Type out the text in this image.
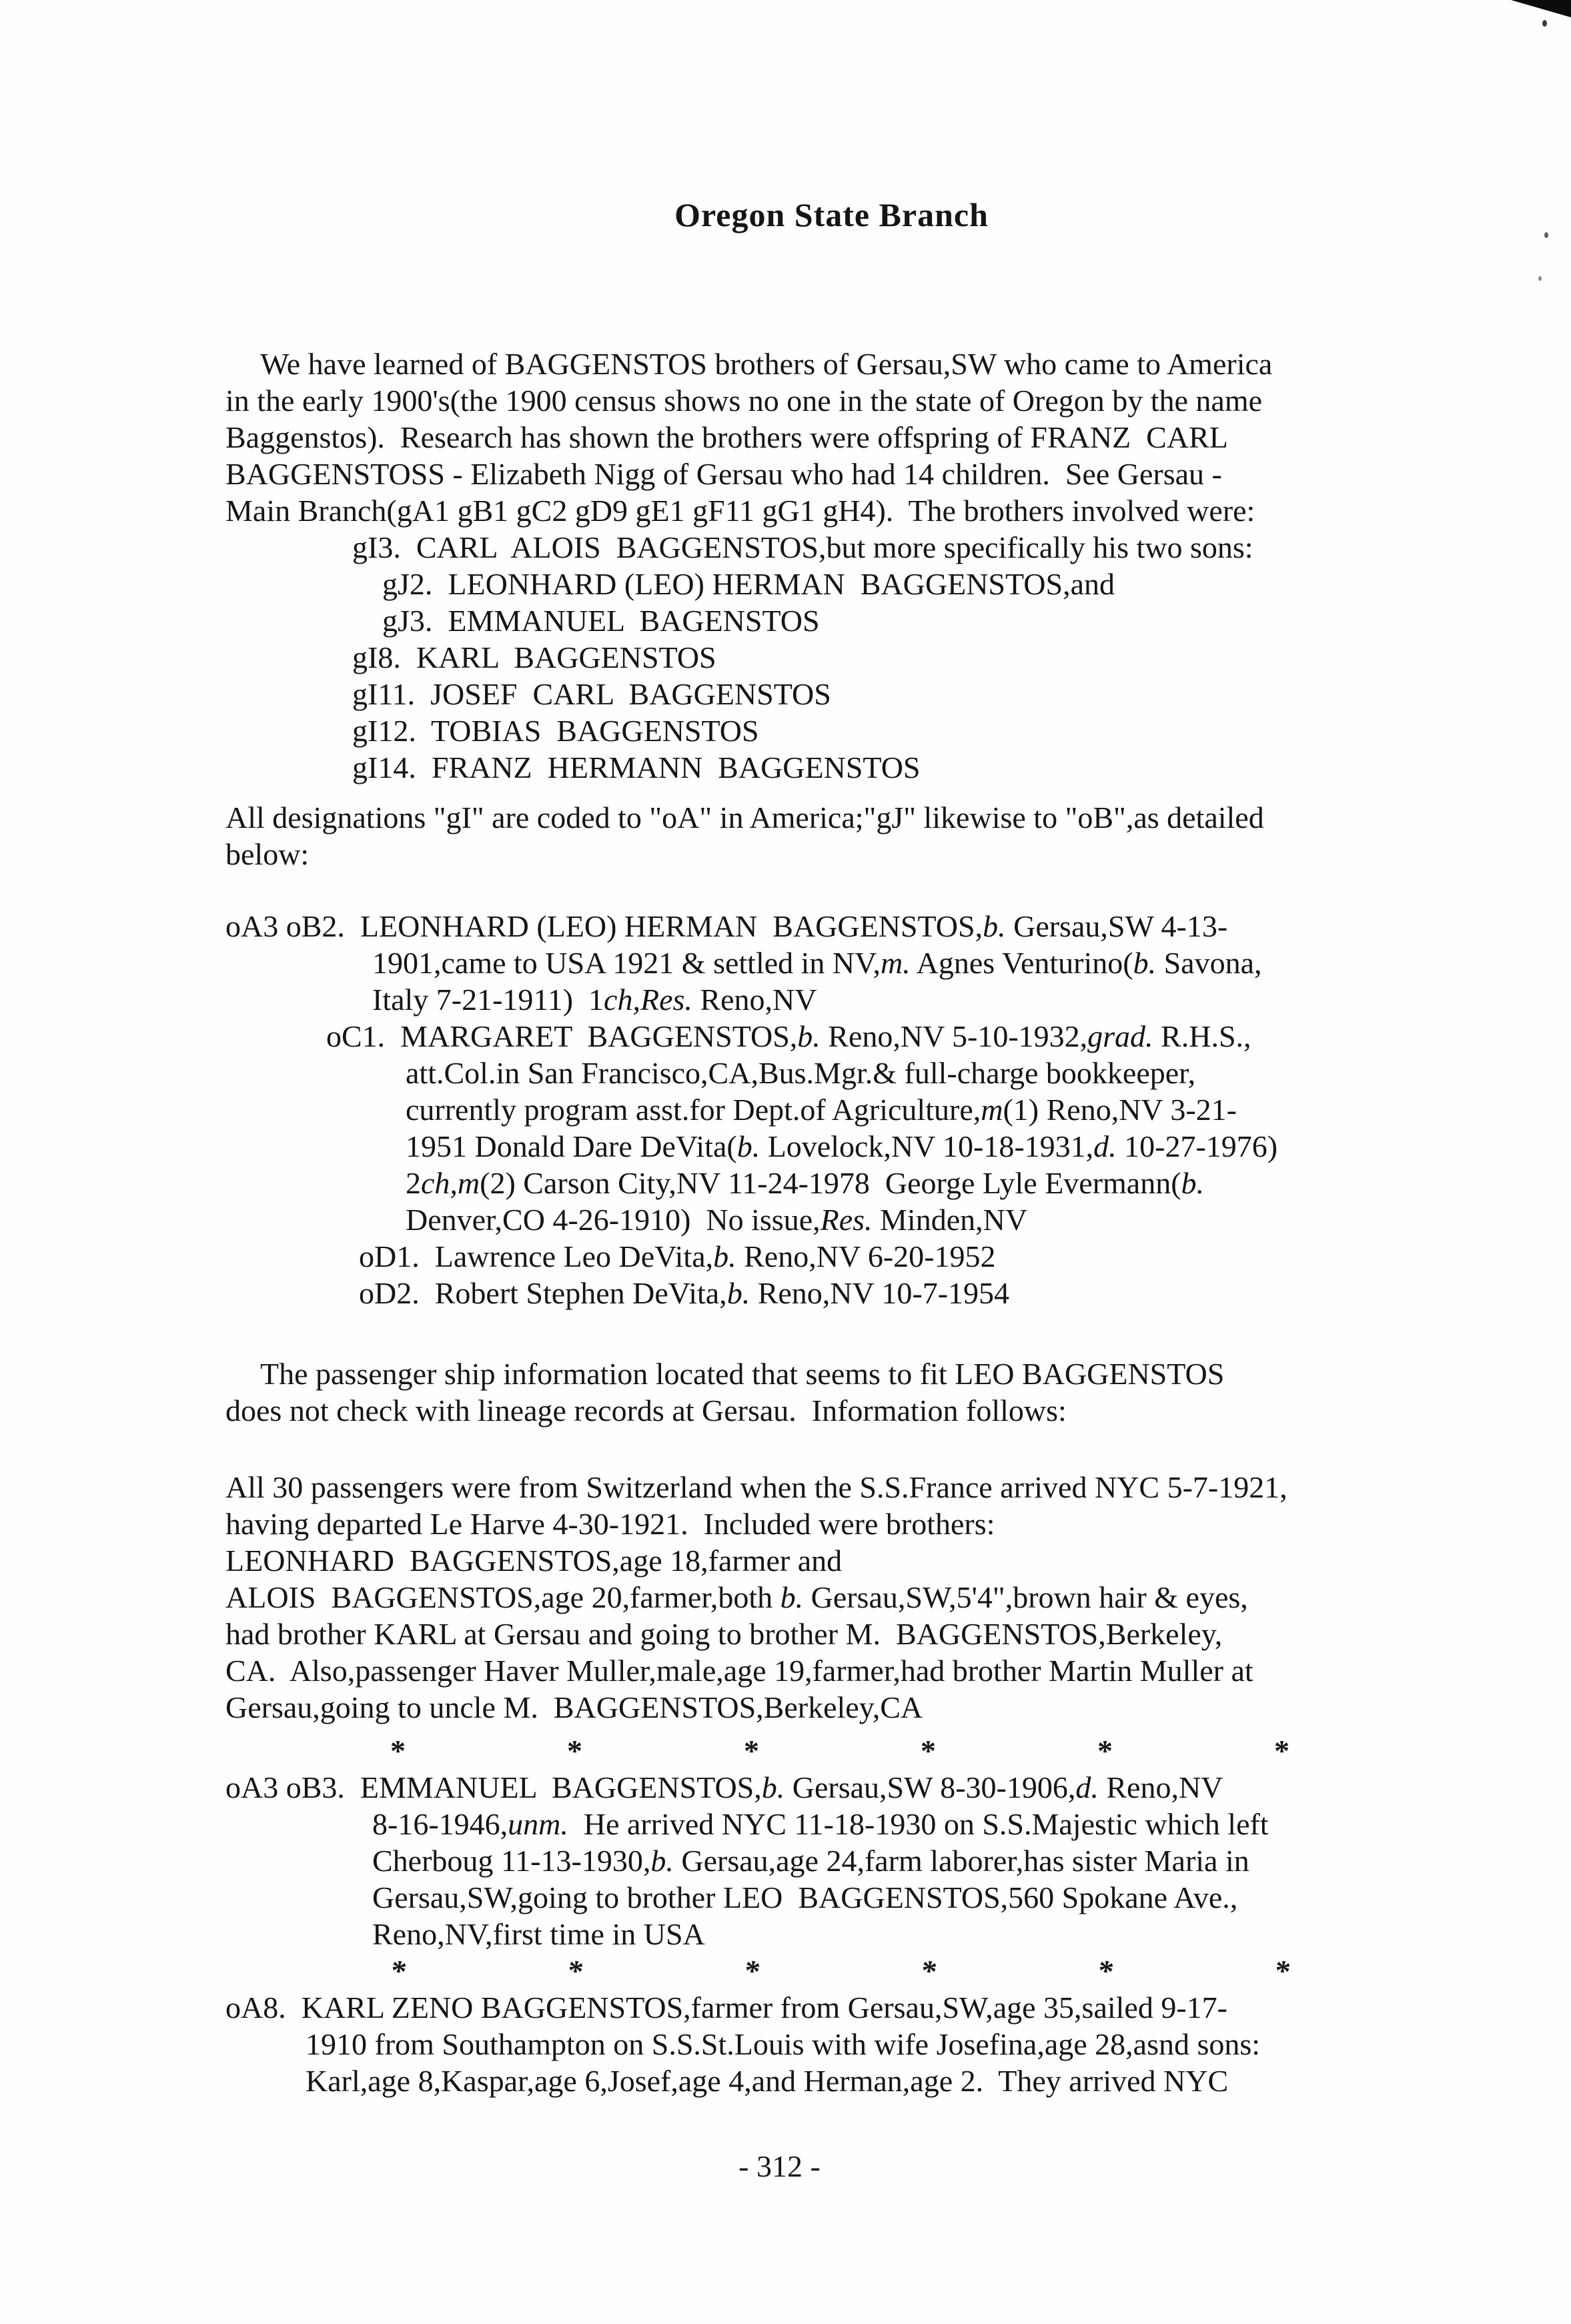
Oregon State Branch
We have learned of BAGGENSTOS brothers of Gersau,SW who came to America
in the early 1900's(the 1900 census shows no one in the state of Oregon by the name
Baggenstos).  Research has shown the brothers were offspring of FRANZ  CARL
BAGGENSTOSS - Elizabeth Nigg of Gersau who had 14 children.  See Gersau -
Main Branch(gA1 gB1 gC2 gD9 gE1 gF11 gG1 gH4).  The brothers involved were:
gI3.  CARL  ALOIS  BAGGENSTOS,but more specifically his two sons:
gJ2.  LEONHARD (LEO) HERMAN  BAGGENSTOS,and
gJ3.  EMMANUEL  BAGENSTOS
gI8.  KARL  BAGGENSTOS
gI11.  JOSEF  CARL  BAGGENSTOS
gI12.  TOBIAS  BAGGENSTOS
gI14.  FRANZ  HERMANN  BAGGENSTOS
All designations "gI" are coded to "oA" in America;"gJ" likewise to "oB",as detailed
below:
oA3 oB2.  LEONHARD (LEO) HERMAN  BAGGENSTOS,b. Gersau,SW 4-13-
1901,came to USA 1921 & settled in NV,m. Agnes Venturino(b. Savona,
Italy 7-21-1911)  1ch,Res. Reno,NV
oC1.  MARGARET  BAGGENSTOS,b. Reno,NV 5-10-1932,grad. R.H.S.,
att.Col.in San Francisco,CA,Bus.Mgr.& full-charge bookkeeper,
currently program asst.for Dept.of Agriculture,m(1) Reno,NV 3-21-
1951 Donald Dare DeVita(b. Lovelock,NV 10-18-1931,d. 10-27-1976)
2ch,m(2) Carson City,NV 11-24-1978  George Lyle Evermann(b.
Denver,CO 4-26-1910)  No issue,Res. Minden,NV
oD1.  Lawrence Leo DeVita,b. Reno,NV 6-20-1952
oD2.  Robert Stephen DeVita,b. Reno,NV 10-7-1954
The passenger ship information located that seems to fit LEO BAGGENSTOS
does not check with lineage records at Gersau.  Information follows:
All 30 passengers were from Switzerland when the S.S.France arrived NYC 5-7-1921,
having departed Le Harve 4-30-1921.  Included were brothers:
LEONHARD  BAGGENSTOS,age 18,farmer and
ALOIS  BAGGENSTOS,age 20,farmer,both b. Gersau,SW,5'4",brown hair & eyes,
had brother KARL at Gersau and going to brother M.  BAGGENSTOS,Berkeley,
CA.  Also,passenger Haver Muller,male,age 19,farmer,had brother Martin Muller at
Gersau,going to uncle M.  BAGGENSTOS,Berkeley,CA
*	*	*	*	*	*
oA3 oB3.  EMMANUEL  BAGGENSTOS,b. Gersau,SW 8-30-1906,d. Reno,NV
8-16-1946,unm.  He arrived NYC 11-18-1930 on S.S.Majestic which left
Cherboug 11-13-1930,b. Gersau,age 24,farm laborer,has sister Maria in
Gersau,SW,going to brother LEO  BAGGENSTOS,560 Spokane Ave.,
Reno,NV,first time in USA
*	*	*	*	*	*
oA8.  KARL ZENO BAGGENSTOS,farmer from Gersau,SW,age 35,sailed 9-17-
1910 from Southampton on S.S.St.Louis with wife Josefina,age 28,asnd sons:
Karl,age 8,Kaspar,age 6,Josef,age 4,and Herman,age 2.  They arrived NYC
- 312 -
